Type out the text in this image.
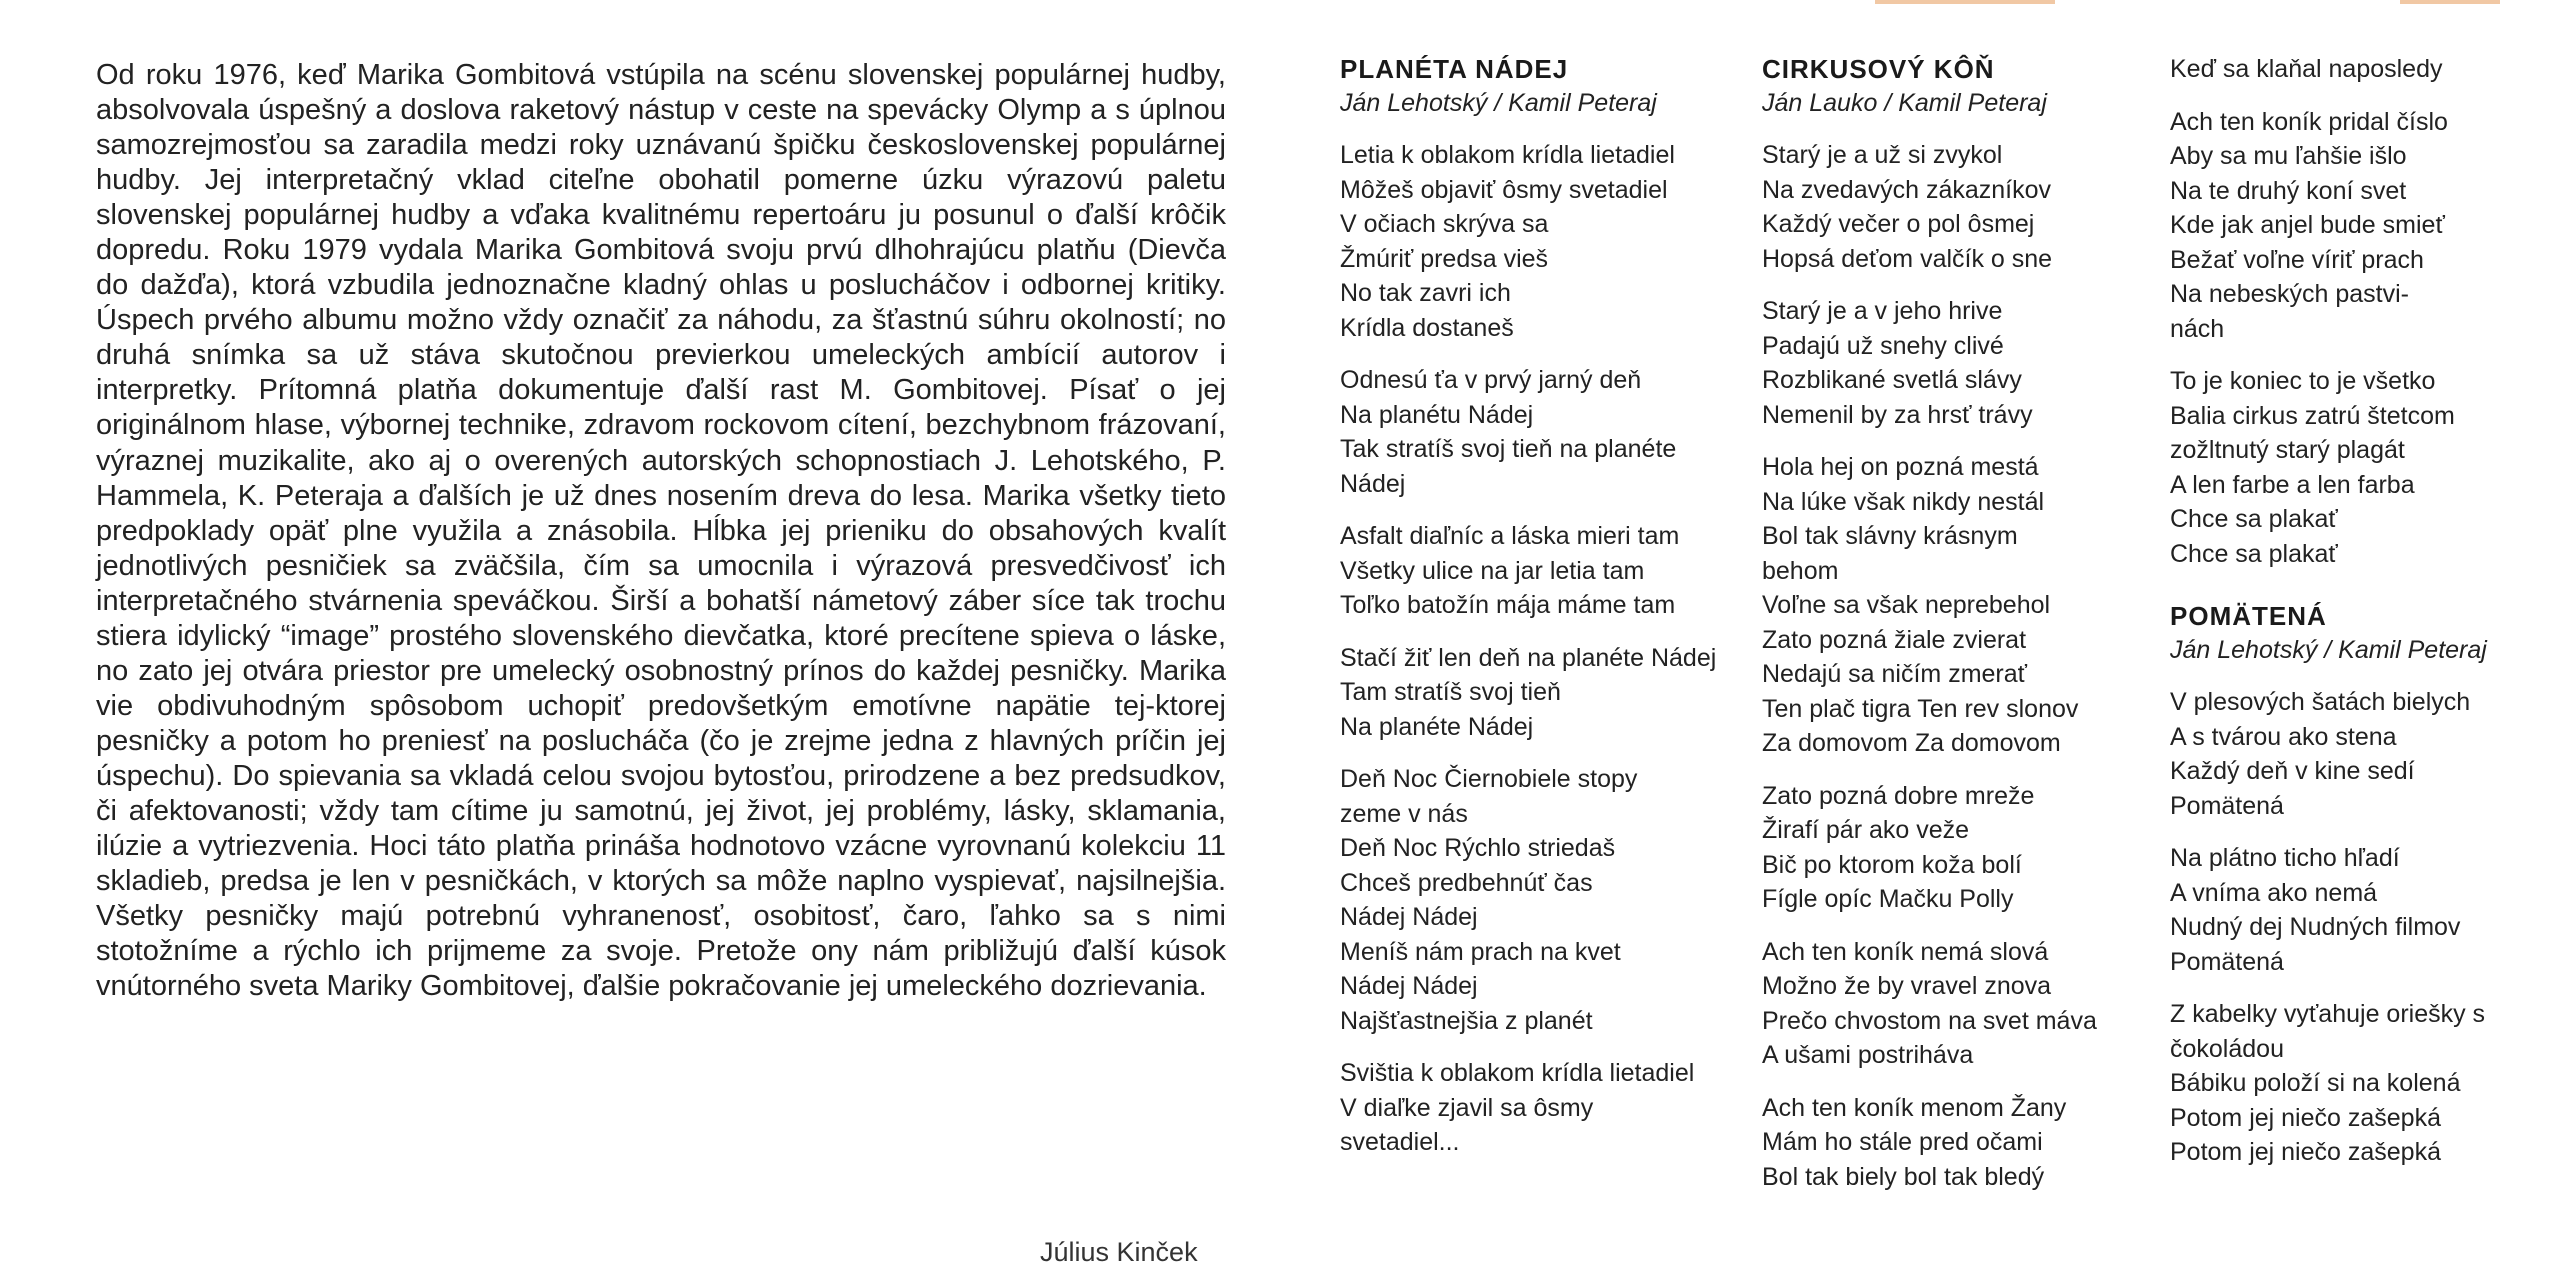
Od roku 1976, keď Marika Gombitová vstúpila na scénu slovenskej populárnej hudby, absolvovala úspešný a doslova raketový nástup v ceste na spevácky Olymp a s úplnou samozrejmosťou sa zaradila medzi roky uznávanú špičku československej populárnej hudby. Jej interpretačný vklad citeľne obohatil pomerne úzku výrazovú paletu slovenskej populárnej hudby a vďaka kvalitnému repertoáru ju posunul o ďalší krôčik dopredu. Roku 1979 vydala Marika Gombitová svoju prvú dlhohrajúcu platňu (Dievča do dažďa), ktorá vzbudila jednoznačne kladný ohlas u poslucháčov i odbornej kritiky. Úspech prvého albumu možno vždy označiť za náhodu, za šťastnú súhru okolností; no druhá snímka sa už stáva skutočnou previerkou umeleckých ambícií autorov i interpretky. Prítomná platňa dokumentuje ďalší rast M. Gombitovej. Písať o jej originálnom hlase, výbornej technike, zdravom rockovom cítení, bezchybnom frázovaní, výraznej muzikalite, ako aj o overených autorských schopnostiach J. Lehotského, P. Hammela, K. Peteraja a ďalších je už dnes nosením dreva do lesa. Marika všetky tieto predpoklady opäť plne využila a znásobila. Hĺbka jej prieniku do obsahových kvalít jednotlivých pesničiek sa zväčšila, čím sa umocnila i výrazová presvedčivosť ich interpretačného stvárnenia speváčkou. Širší a bohatší námetový záber síce tak trochu stiera idylický “image” prostého slovenského dievčatka, ktoré precítene spieva o láske, no zato jej otvára priestor pre umelecký osobnostný prínos do každej pesničky. Marika vie obdivuhodným spôsobom uchopiť predovšetkým emotívne napätie tej-ktorej pesničky a potom ho preniesť na poslucháča (čo je zrejme jedna z hlavných príčin jej úspechu). Do spievania sa vkladá celou svojou bytosťou, prirodzene a bez predsudkov, či afektovanosti; vždy tam cítime ju samotnú, jej život, jej problémy, lásky, sklamania, ilúzie a vytriezvenia. Hoci táto platňa prináša hodnotovo vzácne vyrovnanú kolekciu 11 skladieb, predsa je len v pesničkách, v ktorých sa môže naplno vyspievať, najsilnejšia. Všetky pesničky majú potrebnú vyhranenosť, osobitosť, čaro, ľahko sa s nimi stotožníme a rýchlo ich prijmeme za svoje. Pretože ony nám približujú ďalší kúsok vnútorného sveta Mariky Gombitovej, ďalšie pokračovanie jej umeleckého dozrievania.

Július Kinček
PLANÉTA NÁDEJ
Ján Lehotský / Kamil Peteraj
Letia k oblakom krídla lietadiel
Môžeš objaviť ôsmy svetadiel
V očiach skrýva sa
Žmúriť predsa vieš
No tak zavri ich
Krídla dostaneš
Odnesú ťa v prvý jarný deň
Na planétu Nádej
Tak stratíš svoj tieň na planéte
Nádej
Asfalt diaľníc a láska mieri tam
Všetky ulice na jar letia tam
Toľko batožín mája máme tam
Stačí žiť len deň na planéte Nádej
Tam stratíš svoj tieň
Na planéte Nádej
Deň Noc Čiernobiele stopy
zeme v nás
Deň Noc Rýchlo striedaš
Chceš predbehnúť čas
Nádej Nádej
Meníš nám prach na kvet
Nádej Nádej
Najšťastnejšia z planét
Svištia k oblakom krídla lietadiel
V diaľke zjavil sa ôsmy
svetadiel...
CIRKUSOVÝ KÔŇ
Ján Lauko / Kamil Peteraj
Starý je a už si zvykol
Na zvedavých zákazníkov
Každý večer o pol ôsmej
Hopsá deťom valčík o sne
Starý je a v jeho hrive
Padajú už snehy clivé
Rozblikané svetlá slávy
Nemenil by za hrsť trávy
Hola hej on pozná mestá
Na lúke však nikdy nestál
Bol tak slávny krásnym
behom
Voľne sa však neprebehol
Zato pozná žiale zvierat
Nedajú sa ničím zmerať
Ten plač tigra Ten rev slonov
Za domovom Za domovom
Zato pozná dobre mreže
Žirafí pár ako veže
Bič po ktorom koža bolí
Fígle opíc Mačku Polly
Ach ten koník nemá slová
Možno že by vravel znova
Prečo chvostom na svet máva
A ušami postriháva
Ach ten koník menom Žany
Mám ho stále pred očami
Bol tak biely bol tak bledý
Keď sa klaňal naposledy
Ach ten koník pridal číslo
Aby sa mu ľahšie išlo
Na te druhý koní svet
Kde jak anjel bude smieť
Bežať voľne víriť prach
Na nebeských pastvi-
nách
To je koniec to je všetko
Balia cirkus zatrú štetcom
zožltnutý starý plagát
A len farbe a len farba
Chce sa plakať
Chce sa plakať
POMÄTENÁ
Ján Lehotský / Kamil Peteraj
V plesových šatách bielych
A s tvárou ako stena
Každý deň v kine sedí
Pomätená
Na plátno ticho hľadí
A vníma ako nemá
Nudný dej Nudných filmov
Pomätená
Z kabelky vyťahuje oriešky s
čokoládou
Bábiku položí si na kolená
Potom jej niečo zašepká
Potom jej niečo zašepká
